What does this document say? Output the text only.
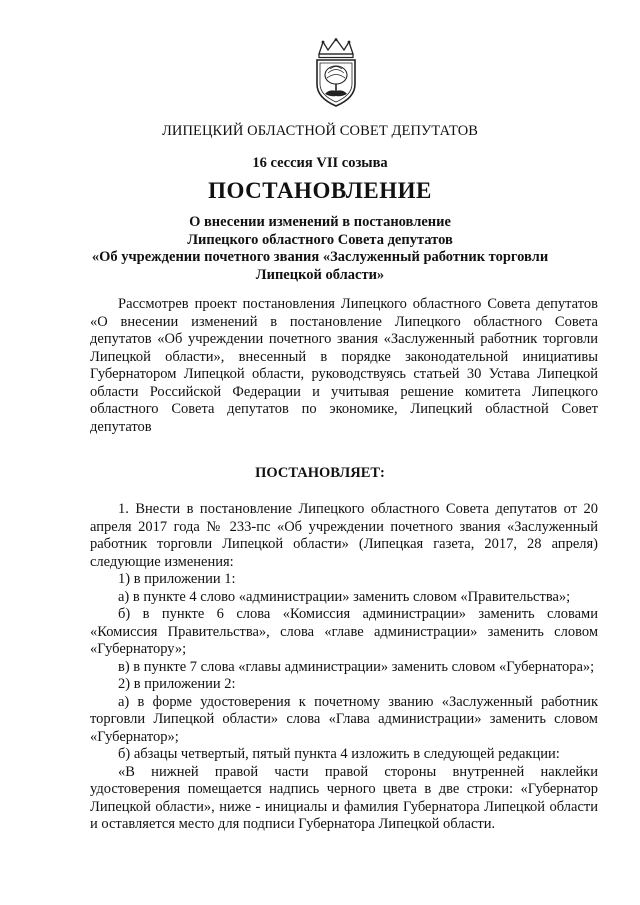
ЛИПЕЦКИЙ ОБЛАСТНОЙ СОВЕТ ДЕПУТАТОВ
16 сессия VII созыва
ПОСТАНОВЛЕНИЕ
О внесении изменений в постановление
Липецкого областного Совета депутатов
«Об учреждении почетного звания «Заслуженный работник торговли
Липецкой области»
Рассмотрев проект постановления Липецкого областного Совета депутатов «О внесении изменений в постановление Липецкого областного Совета депутатов «Об учреждении почетного звания «Заслуженный работник торговли Липецкой области», внесенный в порядке законодательной инициативы Губернатором Липецкой области, руководствуясь статьей 30 Устава Липецкой области Российской Федерации и учитывая решение комитета Липецкого областного Совета депутатов по экономике, Липецкий областной Совет депутатов
ПОСТАНОВЛЯЕТ:

1. Внести в постановление Липецкого областного Совета депутатов от 20 апреля 2017 года № 233-пс «Об учреждении почетного звания «Заслуженный работник торговли Липецкой области» (Липецкая газета, 2017, 28 апреля) следующие изменения:

1) в приложении 1:

а) в пункте 4 слово «администрации» заменить словом «Правительства»;

б) в пункте 6 слова «Комиссия администрации» заменить словами «Комиссия Правительства», слова «главе администрации» заменить словом «Губернатору»;

в) в пункте 7 слова «главы администрации» заменить словом «Губернатора»;

2) в приложении 2:

а) в форме удостоверения к почетному званию «Заслуженный работник торговли Липецкой области» слова «Глава администрации» заменить словом «Губернатор»;

б) абзацы четвертый, пятый пункта 4 изложить в следующей редакции:

«В нижней правой части правой стороны внутренней наклейки удостоверения помещается надпись черного цвета в две строки: «Губернатор Липецкой области», ниже - инициалы и фамилия Губернатора Липецкой области и оставляется место для подписи Губернатора Липецкой области.
